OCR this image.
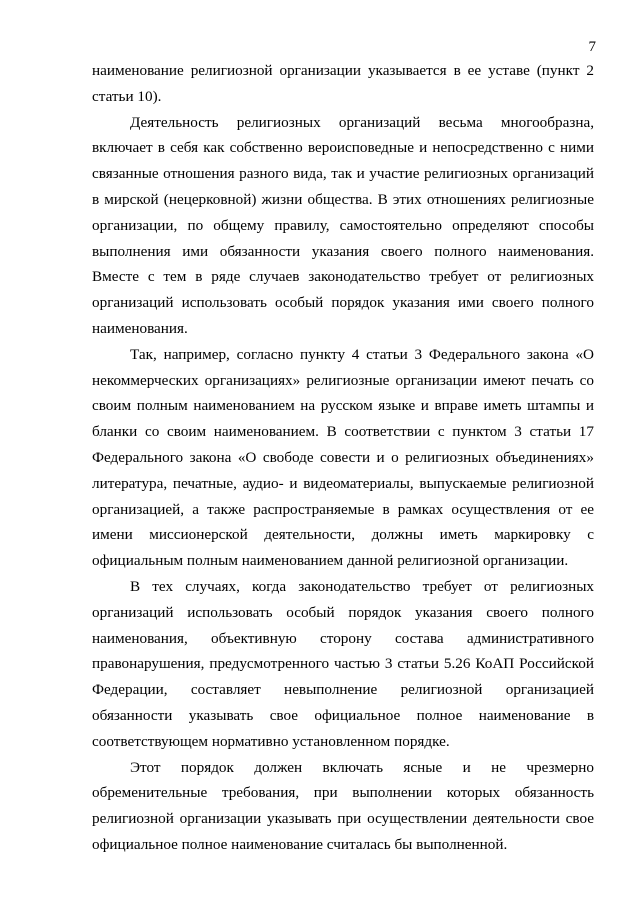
7

наименование религиозной организации указывается в ее уставе (пункт 2 статьи 10).

Деятельность религиозных организаций весьма многообразна, включает в себя как собственно вероисповедные и непосредственно с ними связанные отношения разного вида, так и участие религиозных организаций в мирской (нецерковной) жизни общества. В этих отношениях религиозные организации, по общему правилу, самостоятельно определяют способы выполнения ими обязанности указания своего полного наименования. Вместе с тем в ряде случаев законодательство требует от религиозных организаций использовать особый порядок указания ими своего полного наименования.

Так, например, согласно пункту 4 статьи 3 Федерального закона «О некоммерческих организациях» религиозные организации имеют печать со своим полным наименованием на русском языке и вправе иметь штампы и бланки со своим наименованием. В соответствии с пунктом 3 статьи 17 Федерального закона «О свободе совести и о религиозных объединениях» литература, печатные, аудио- и видеоматериалы, выпускаемые религиозной организацией, а также распространяемые в рамках осуществления от ее имени миссионерской деятельности, должны иметь маркировку с официальным полным наименованием данной религиозной организации.

В тех случаях, когда законодательство требует от религиозных организаций использовать особый порядок указания своего полного наименования, объективную сторону состава административного правонарушения, предусмотренного частью 3 статьи 5.26 КоАП Российской Федерации, составляет невыполнение религиозной организацией обязанности указывать свое официальное полное наименование в соответствующем нормативно установленном порядке.

Этот порядок должен включать ясные и не чрезмерно обременительные требования, при выполнении которых обязанность религиозной организации указывать при осуществлении деятельности свое официальное полное наименование считалась бы выполненной.
